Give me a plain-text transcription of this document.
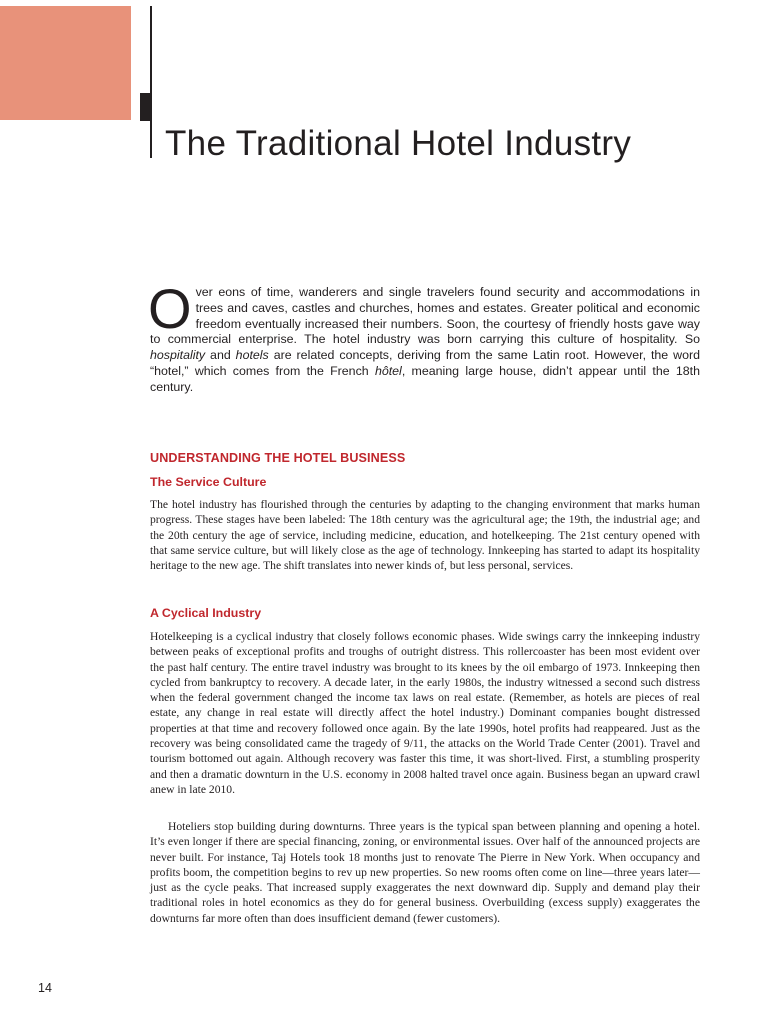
The Traditional Hotel Industry

Over eons of time, wanderers and single travelers found security and accommodations in trees and caves, castles and churches, homes and estates. Greater political and economic freedom eventually increased their numbers. Soon, the courtesy of friendly hosts gave way to commercial enterprise. The hotel industry was born carrying this culture of hospitality. So hospitality and hotels are related concepts, deriving from the same Latin root. However, the word “hotel,” which comes from the French hôtel, meaning large house, didn’t appear until the 18th century.

UNDERSTANDING THE HOTEL BUSINESS
The Service Culture

The hotel industry has flourished through the centuries by adapting to the changing environment that marks human progress. These stages have been labeled: The 18th century was the agricultural age; the 19th, the industrial age; and the 20th century the age of service, including medicine, education, and hotelkeeping. The 21st century opened with that same service culture, but will likely close as the age of technology. Innkeeping has started to adapt its hospitality heritage to the new age. The shift translates into newer kinds of, but less personal, services.

A Cyclical Industry

Hotelkeeping is a cyclical industry that closely follows economic phases. Wide swings carry the innkeeping industry between peaks of exceptional profits and troughs of outright distress. This rollercoaster has been most evident over the past half century. The entire travel industry was brought to its knees by the oil embargo of 1973. Innkeeping then cycled from bankruptcy to recovery. A decade later, in the early 1980s, the industry witnessed a second such distress when the federal government changed the income tax laws on real estate. (Remember, as hotels are pieces of real estate, any change in real estate will directly affect the hotel industry.) Dominant companies bought distressed properties at that time and recovery followed once again. By the late 1990s, hotel profits had reappeared. Just as the recovery was being consolidated came the tragedy of 9/11, the attacks on the World Trade Center (2001). Travel and tourism bottomed out again. Although recovery was faster this time, it was short-lived. First, a stumbling prosperity and then a dramatic downturn in the U.S. economy in 2008 halted travel once again. Business began an upward crawl anew in late 2010.

Hoteliers stop building during downturns. Three years is the typical span between planning and opening a hotel. It’s even longer if there are special financing, zoning, or environmental issues. Over half of the announced projects are never built. For instance, Taj Hotels took 18 months just to renovate The Pierre in New York. When occupancy and profits boom, the competition begins to rev up new properties. So new rooms often come on line—three years later—just as the cycle peaks. That increased supply exaggerates the next downward dip. Supply and demand play their traditional roles in hotel economics as they do for general business. Overbuilding (excess supply) exaggerates the downturns far more often than does insufficient demand (fewer customers).

14
